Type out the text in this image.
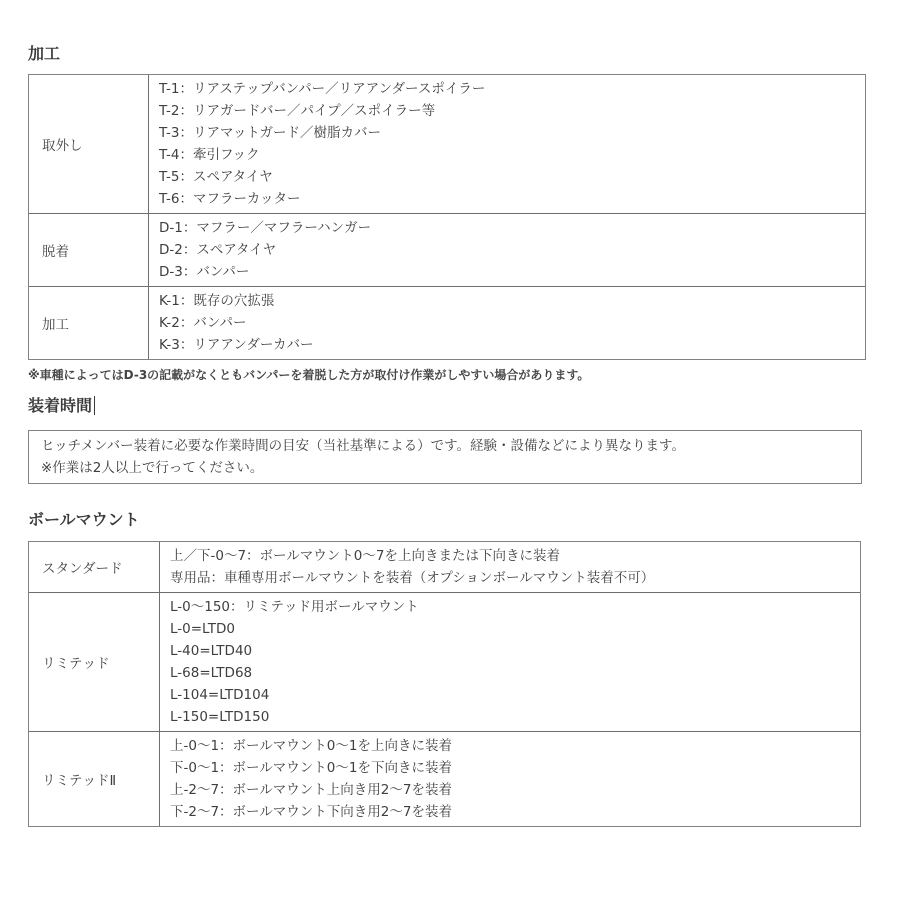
加工
取外し
T-1：リアステップバンパー／リアアンダースポイラー
T-2：リアガードバー／パイプ／スポイラー等
T-3：リアマットガード／樹脂カバー
T-4：牽引フック
T-5：スペアタイヤ
T-6：マフラーカッター
脱着
D-1：マフラー／マフラーハンガー
D-2：スペアタイヤ
D-3：バンパー
加工
K-1：既存の穴拡張
K-2：バンパー
K-3：リアアンダーカバー
※車種によってはD-3の記載がなくともバンパーを着脱した方が取付け作業がしやすい場合があります。
装着時間
ヒッチメンバー装着に必要な作業時間の目安（当社基準による）です。経験・設備などにより異なります。
※作業は2人以上で行ってください。
ボールマウント
スタンダード
上／下-0〜7：ボールマウント0〜7を上向きまたは下向きに装着
専用品：車種専用ボールマウントを装着（オプションボールマウント装着不可）
リミテッド
L-0〜150：リミテッド用ボールマウント
L-0=LTD0
L-40=LTD40
L-68=LTD68
L-104=LTD104
L-150=LTD150
リミテッドⅡ
上-0〜1：ボールマウント0〜1を上向きに装着
下-0〜1：ボールマウント0〜1を下向きに装着
上-2〜7：ボールマウント上向き用2〜7を装着
下-2〜7：ボールマウント下向き用2〜7を装着
